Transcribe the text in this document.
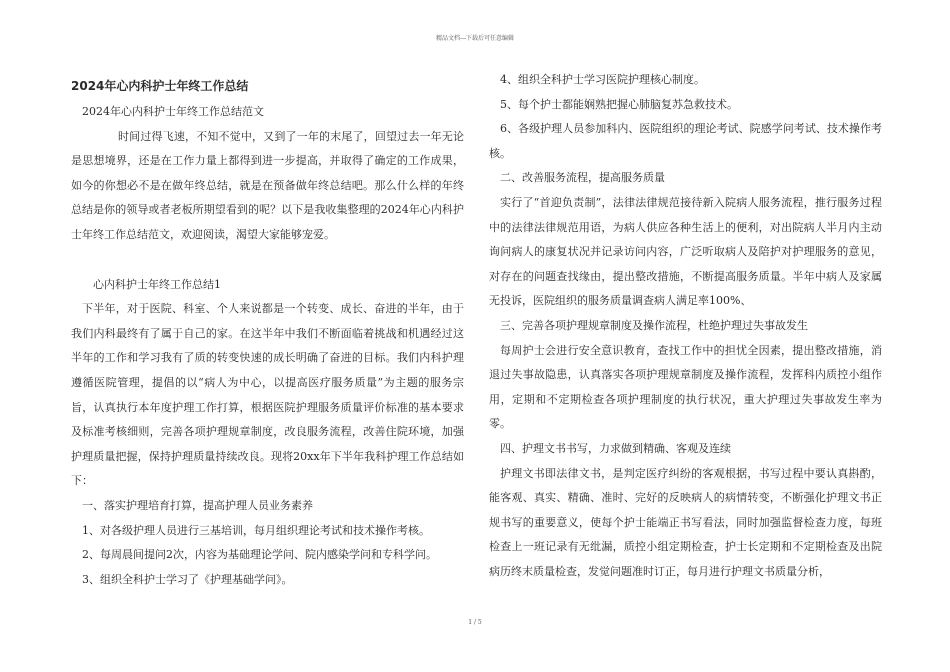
精品文档---下载后可任意编辑

2024年心内科护士年终工作总结

2024年心内科护士年终工作总结范文

时间过得飞速，不知不觉中，又到了一年的末尾了，回望过去一年无论是思想境界，还是在工作力量上都得到进一步提高，并取得了确定的工作成果，如今的你想必不是在做年终总结，就是在预备做年终总结吧。那么什么样的年终总结是你的领导或者老板所期望看到的呢？以下是我收集整理的2024年心内科护士年终工作总结范文，欢迎阅读，渴望大家能够宠爱。

心内科护士年终工作总结1

下半年，对于医院、科室、个人来说都是一个转变、成长、奋进的半年，由于我们内科最终有了属于自己的家。在这半年中我们不断面临着挑战和机遇经过这半年的工作和学习我有了质的转变快速的成长明确了奋进的目标。我们内科护理遵循医院管理，提倡的以“病人为中心，以提高医疗服务质量”为主题的服务宗旨，认真执行本年度护理工作打算，根据医院护理服务质量评价标准的基本要求及标准考核细则，完善各项护理规章制度，改良服务流程，改善住院环境，加强护理质量把握，保持护理质量持续改良。现将20xx年下半年我科护理工作总结如下：

一、落实护理培育打算，提高护理人员业务素养

1、对各级护理人员进行三基培训，每月组织理论考试和技术操作考核。

2、每周晨间提问2次，内容为基础理论学问、院内感染学问和专科学问。

3、组织全科护士学习了《护理基础学问》。

4、组织全科护士学习医院护理核心制度。

5、每个护士都能娴熟把握心肺脑复苏急救技术。

6、各级护理人员参加科内、医院组织的理论考试、院感学问考试、技术操作考核。

二、改善服务流程，提高服务质量

实行了“首迎负责制”，法律法律规范接待新入院病人服务流程，推行服务过程中的法律法律规范用语，为病人供应各种生活上的便利，对出院病人半月内主动询问病人的康复状况并记录访问内容，广泛听取病人及陪护对护理服务的意见，对存在的问题查找缘由，提出整改措施，不断提高服务质量。半年中病人及家属无投诉，医院组织的服务质量调查病人满足率100%、

三、完善各项护理规章制度及操作流程，杜绝护理过失事故发生

每周护士会进行安全意识教育，查找工作中的担忧全因素，提出整改措施，消退过失事故隐患，认真落实各项护理规章制度及操作流程，发挥科内质控小组作用，定期和不定期检查各项护理制度的执行状况，重大护理过失事故发生率为零。

四、护理文书书写，力求做到精确、客观及连续

护理文书即法律文书，是判定医疗纠纷的客观根据，书写过程中要认真斟酌，能客观、真实、精确、准时、完好的反映病人的病情转变，不断强化护理文书正规书写的重要意义，使每个护士能端正书写看法，同时加强监督检查力度，每班检查上一班记录有无纰漏，质控小组定期检查，护士长定期和不定期检查及出院病历终末质量检查，发觉问题准时订正，每月进行护理文书质量分析，

1 / 5
